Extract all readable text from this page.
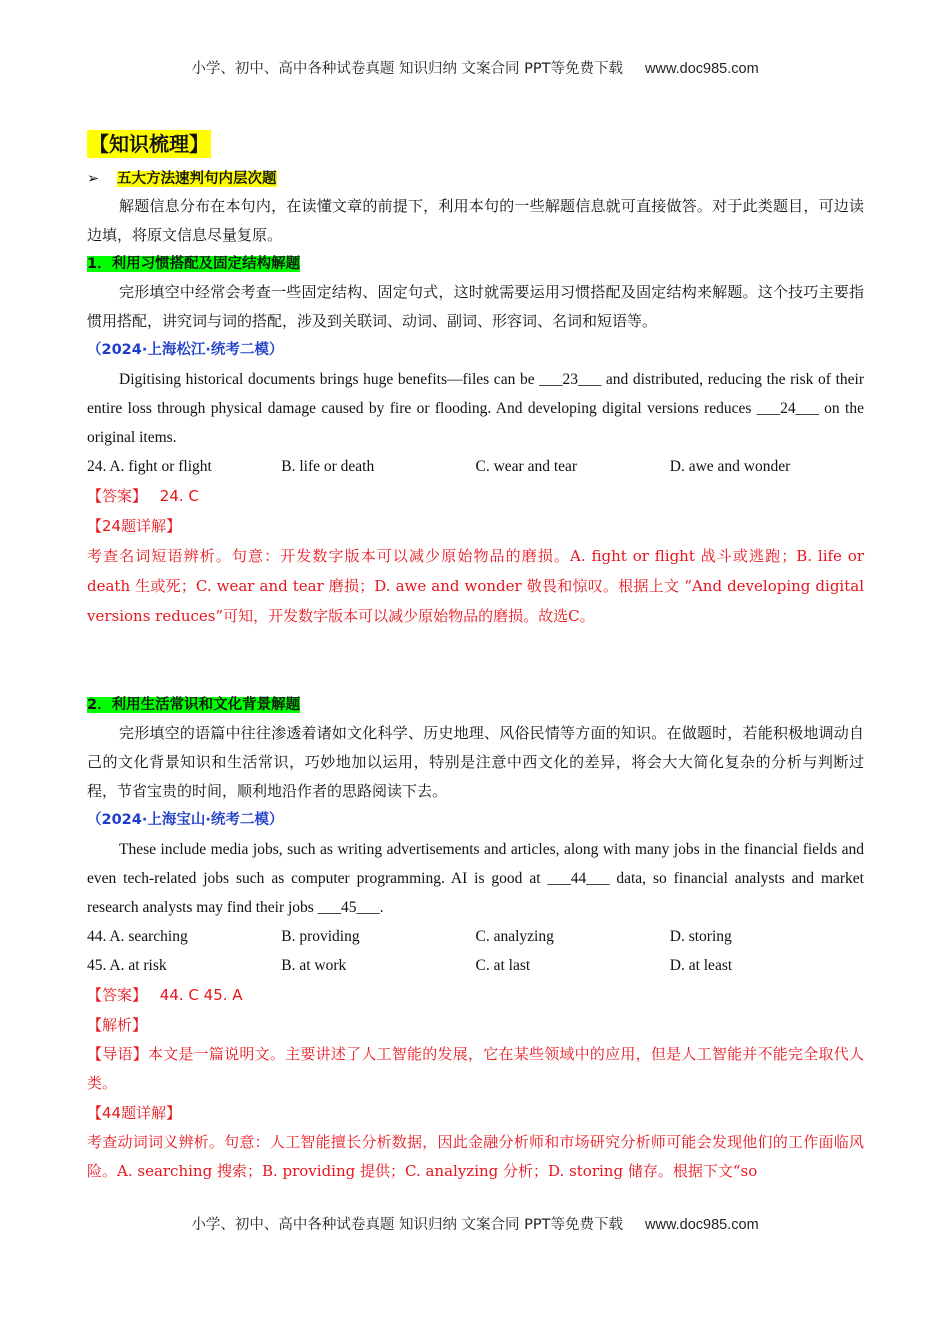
小学、初中、高中各种试卷真题 知识归纳 文案合同 PPT等免费下载 www.doc985.com
【知识梳理】
➢ 五大方法速判句内层次题

解题信息分布在本句内，在读懂文章的前提下，利用本句的一些解题信息就可直接做答。对于此类题目，可边读边填，将原文信息尽量复原。

1．利用习惯搭配及固定结构解题

完形填空中经常会考查一些固定结构、固定句式，这时就需要运用习惯搭配及固定结构来解题。这个技巧主要指惯用搭配，讲究词与词的搭配，涉及到关联词、动词、副词、形容词、名词和短语等。

（2024·上海松江·统考二模）

Digitising historical documents brings huge benefits—files can be ___23___ and distributed, reducing the risk of their entire loss through physical damage caused by fire or flooding. And developing digital versions reduces ___24___ on the original items.

24. A. fight or flight	B. life or death	C. wear and tear	D. awe and wonder
【答案】 24. C
【24题详解】

考查名词短语辨析。句意：开发数字版本可以减少原始物品的磨损。A. fight or flight 战斗或逃跑；B. life or death 生或死；C. wear and tear 磨损；D. awe and wonder 敬畏和惊叹。根据上文 “And developing digital versions reduces”可知，开发数字版本可以减少原始物品的磨损。故选C。

2．利用生活常识和文化背景解题

完形填空的语篇中往往渗透着诸如文化科学、历史地理、风俗民情等方面的知识。在做题时，若能积极地调动自己的文化背景知识和生活常识，巧妙地加以运用，特别是注意中西文化的差异，将会大大简化复杂的分析与判断过程，节省宝贵的时间，顺利地沿作者的思路阅读下去。

（2024·上海宝山·统考二模）

These include media jobs, such as writing advertisements and articles, along with many jobs in the financial fields and even tech-related jobs such as computer programming. AI is good at ___44___ data, so financial analysts and market research analysts may find their jobs ___45___.

44. A. searching	B. providing	C. analyzing	D. storing
45. A. at risk	B. at work	C. at last	D. at least
【答案】 44. C 45. A
【解析】

【导语】本文是一篇说明文。主要讲述了人工智能的发展，它在某些领域中的应用，但是人工智能并不能完全取代人类。

【44题详解】

考查动词词义辨析。句意：人工智能擅长分析数据，因此金融分析师和市场研究分析师可能会发现他们的工作面临风险。A. searching 搜索；B. providing 提供；C. analyzing 分析；D. storing 储存。根据下文“so

小学、初中、高中各种试卷真题 知识归纳 文案合同 PPT等免费下载 www.doc985.com
